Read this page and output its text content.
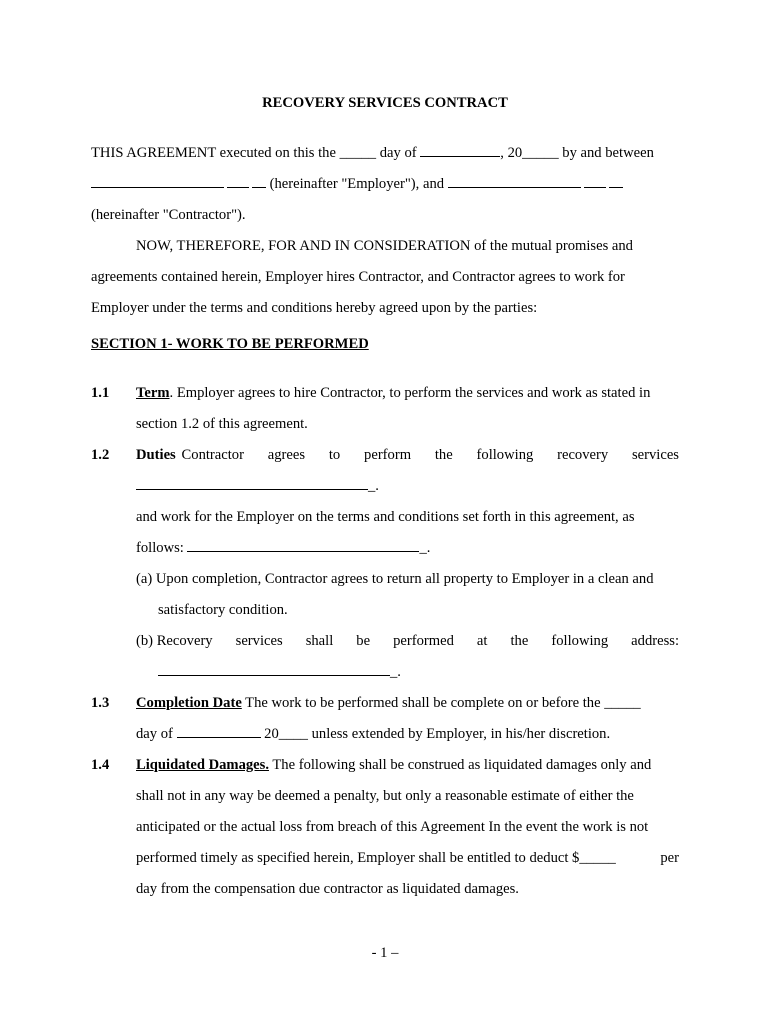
RECOVERY SERVICES CONTRACT
THIS AGREEMENT executed on this the _____ day of	, 20_____ by and between
(hereinafter "Employer"), and
(hereinafter "Contractor").
NOW, THEREFORE, FOR AND IN CONSIDERATION of the mutual promises and
agreements contained herein, Employer hires Contractor, and Contractor agrees to work for
Employer under the terms and conditions hereby agreed upon by the parties:
SECTION 1- WORK TO BE PERFORMED
1.1 Term. Employer agrees to hire Contractor, to perform the services and work as stated in
section 1.2 of this agreement.
1.2 Duties Contractor agrees to perform the following recovery services
_.
and work for the Employer on the terms and conditions set forth in this agreement, as
follows:	_.
(a) Upon completion, Contractor agrees to return all property to Employer in a clean and
satisfactory condition.
(b) Recovery services shall be performed at the following address:
_.
1.3 Completion Date The work to be performed shall be complete on or before the _____
day of	20____ unless extended by Employer, in his/her discretion.
1.4 Liquidated Damages. The following shall be construed as liquidated damages only and
shall not in any way be deemed a penalty, but only a reasonable estimate of either the
anticipated or the actual loss from breach of this Agreement In the event the work is not
performed timely as specified herein, Employer shall be entitled to deduct $_____	per
day from the compensation due contractor as liquidated damages.
- 1 –
